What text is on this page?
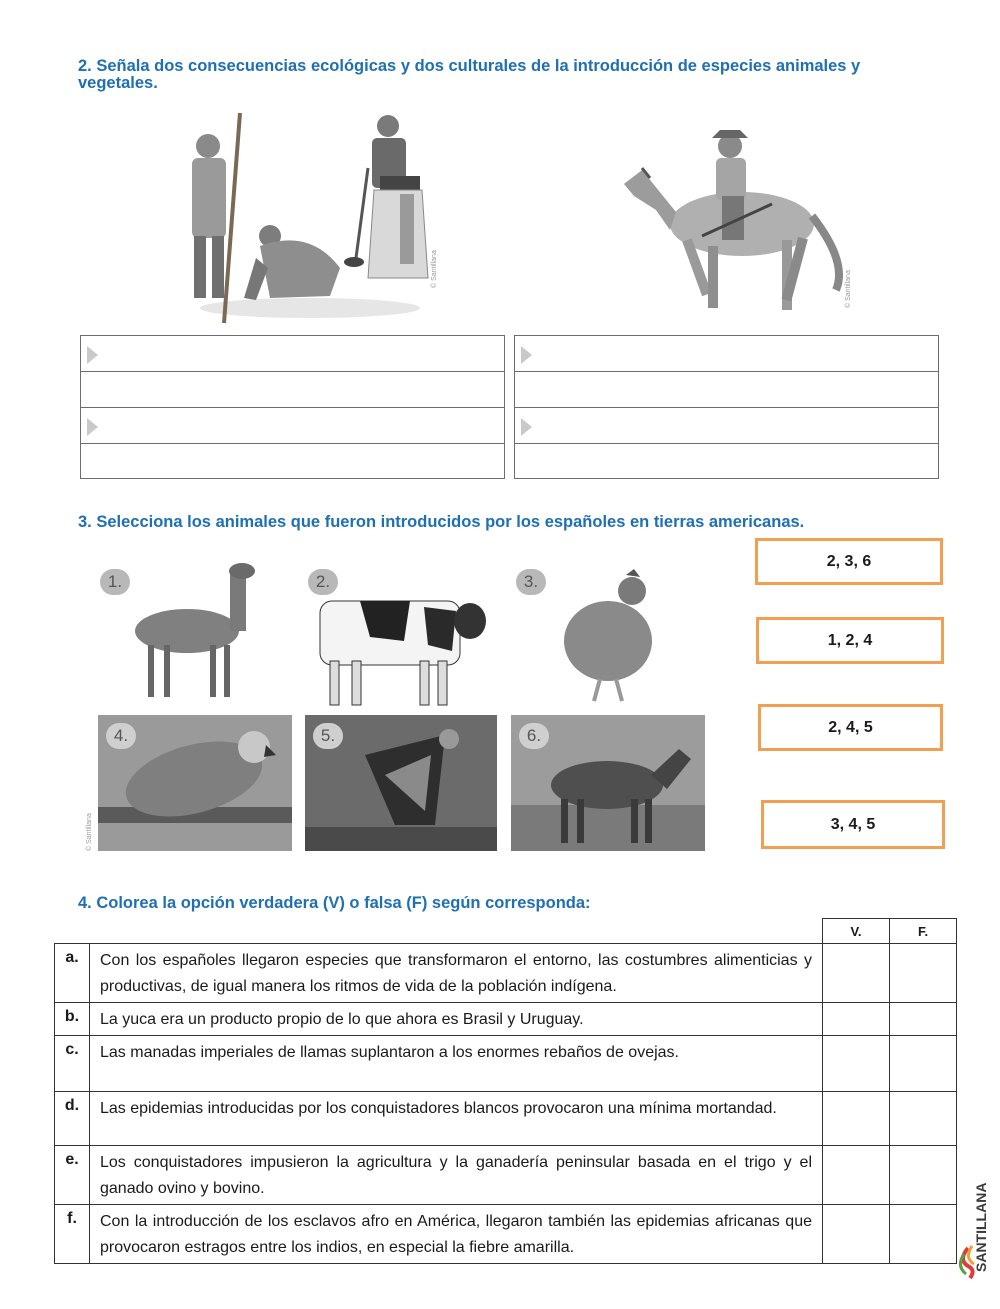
2. Señala dos consecuencias ecológicas y dos culturales de la introducción de especies animales y
vegetales.
© Santillana
© Santillana
3. Selecciona los animales que fueron introducidos por los españoles en tierras americanas.
1.	2.	3.
4.	5.	6.
© Santillana
2, 3, 6
1, 2, 4
2, 4, 5
3, 4, 5
4. Colorea la opción verdadera (V) o falsa (F) según corresponda:
		V.	F.
a.	Con los españoles llegaron especies que transformaron el entorno, las costumbres alimenticias y productivas, de igual manera los ritmos de vida de la población indígena.		
b.	La yuca era un producto propio de lo que ahora es Brasil y Uruguay.		
c.	Las manadas imperiales de llamas suplantaron a los enormes rebaños de ovejas.		
d.	Las epidemias introducidas por los conquistadores blancos provocaron una mínima mortandad.		
e.	Los conquistadores impusieron la agricultura y la ganadería peninsular basada en el trigo y el ganado ovino y bovino.		
f.	Con la introducción de los esclavos afro en América, llegaron también las epidemias africanas que provocaron estragos entre los indios, en especial la fiebre amarilla.			SANTILLANA
